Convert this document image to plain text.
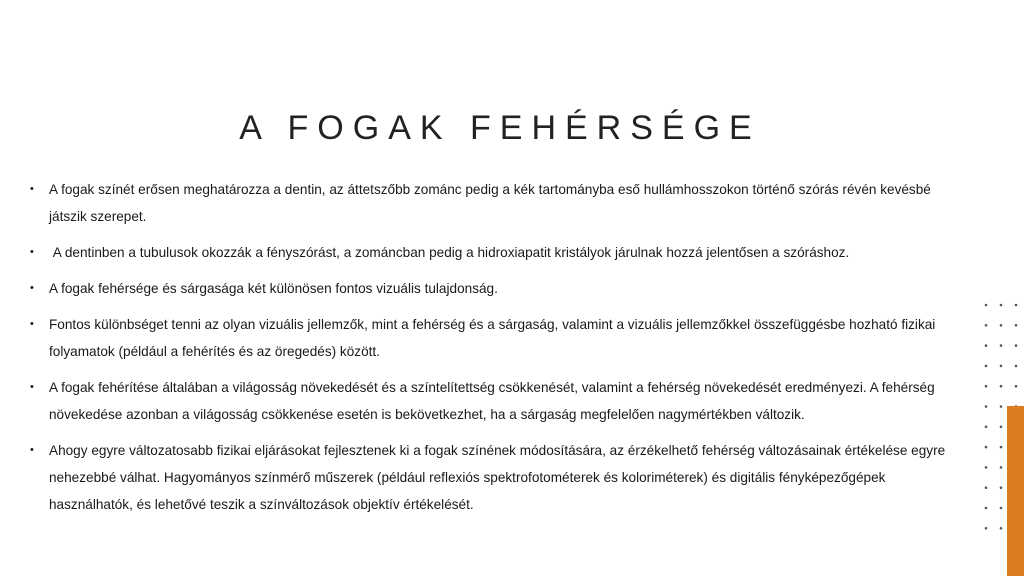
A FOGAK FEHÉRSÉGE
• A fogak színét erősen meghatározza a dentin, az áttetszőbb zománc pedig a kék tartományba eső hullámhosszokon történő szórás révén kevésbé játszik szerepet.
• A dentinben a tubulusok okozzák a fényszórást, a zománcban pedig a hidroxiapatit kristályok járulnak hozzá jelentősen a szóráshoz.
• A fogak fehérsége és sárgasága két különösen fontos vizuális tulajdonság.
• Fontos különbséget tenni az olyan vizuális jellemzők, mint a fehérség és a sárgaság, valamint a vizuális jellemzőkkel összefüggésbe hozható fizikai folyamatok (például a fehérítés és az öregedés) között.
• A fogak fehérítése általában a világosság növekedését és a színtelítettség csökkenését, valamint a fehérség növekedését eredményezi. A fehérség növekedése azonban a világosság csökkenése esetén is bekövetkezhet, ha a sárgaság megfelelően nagymértékben változik.
• Ahogy egyre változatosabb fizikai eljárásokat fejlesztenek ki a fogak színének módosítására, az érzékelhető fehérség változásainak értékelése egyre nehezebbé válhat. Hagyományos színmérő műszerek (például reflexiós spektrofotométerek és koloriméterek) és digitális fényképezőgépek használhatók, és lehetővé teszik a színváltozások objektív értékelését.
